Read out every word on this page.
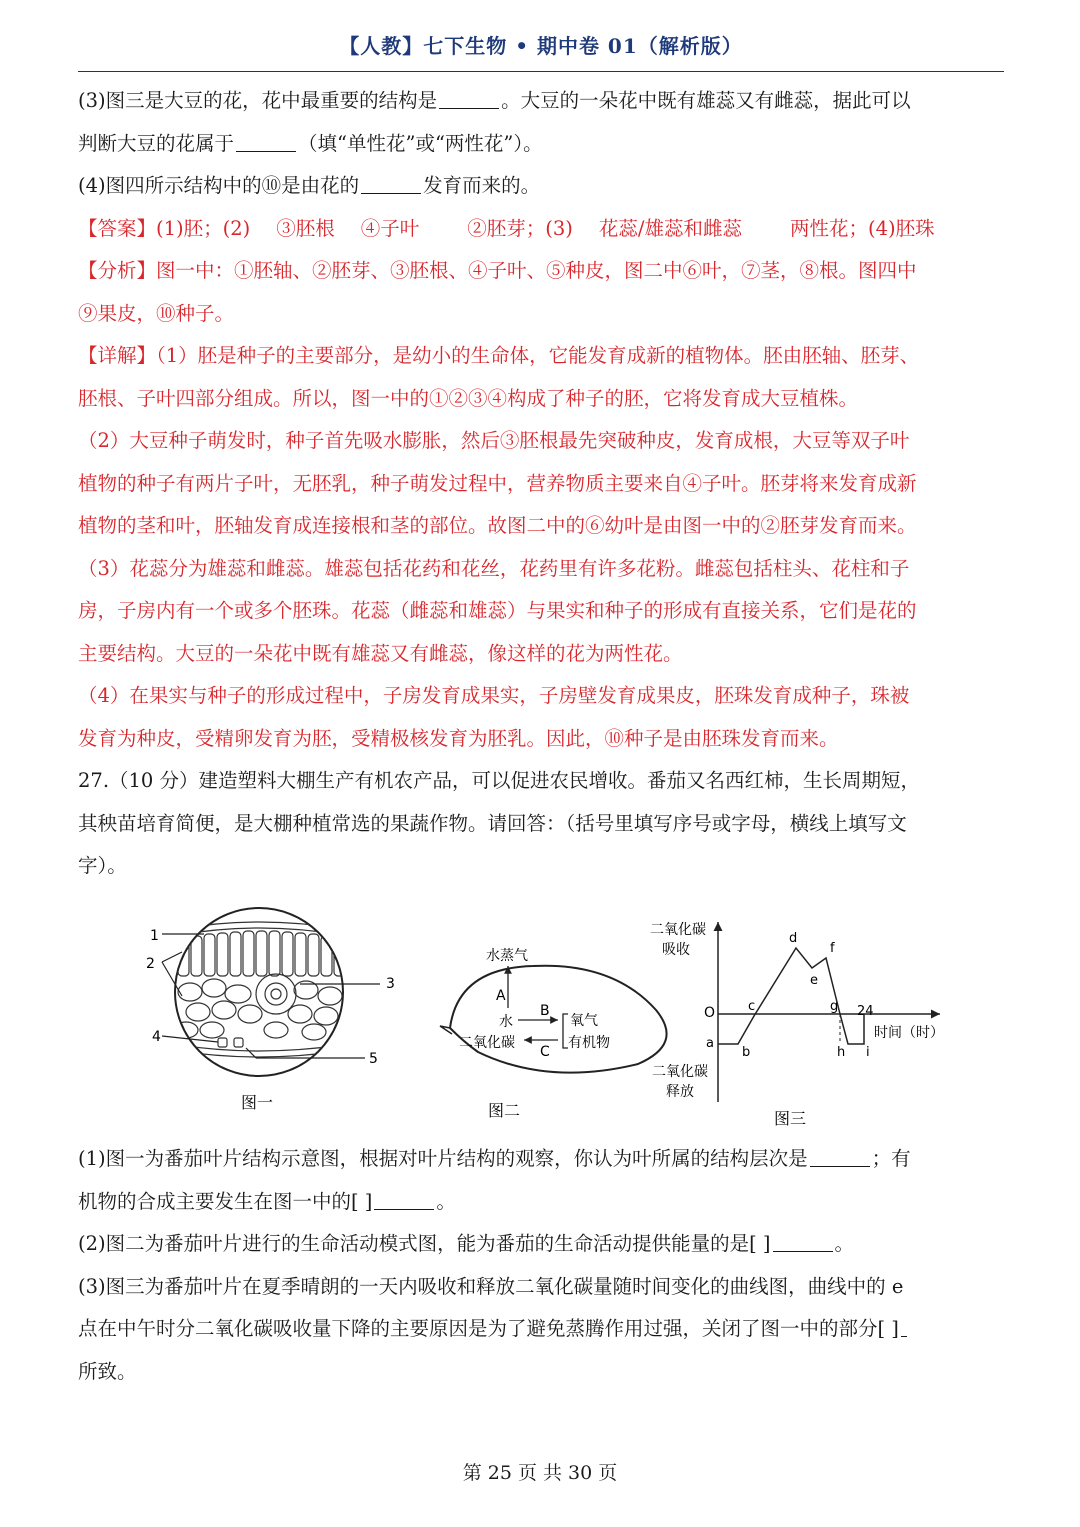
【人教】七下生物 • 期中卷 01（解析版）

(3)图三是大豆的花，花中最重要的结构是	。大豆的一朵花中既有雄蕊又有雌蕊，据此可以

判断大豆的花属于	（填“单性花”或“两性花”）。

(4)图四所示结构中的⑩是由花的	发育而来的。

【答案】(1)胚；(2) ③胚根 ④子叶 ②胚芽；(3) 花蕊/雄蕊和雌蕊 两性花；(4)胚珠

【分析】图一中：①胚轴、②胚芽、③胚根、④子叶、⑤种皮，图二中⑥叶，⑦茎，⑧根。图四中

⑨果皮，⑩种子。

【详解】（1）胚是种子的主要部分，是幼小的生命体，它能发育成新的植物体。胚由胚轴、胚芽、

胚根、子叶四部分组成。所以，图一中的①②③④构成了种子的胚，它将发育成大豆植株。

（2）大豆种子萌发时，种子首先吸水膨胀，然后③胚根最先突破种皮，发育成根，大豆等双子叶

植物的种子有两片子叶，无胚乳，种子萌发过程中，营养物质主要来自④子叶。胚芽将来发育成新

植物的茎和叶，胚轴发育成连接根和茎的部位。故图二中的⑥幼叶是由图一中的②胚芽发育而来。

（3）花蕊分为雄蕊和雌蕊。雄蕊包括花药和花丝，花药里有许多花粉。雌蕊包括柱头、花柱和子

房，子房内有一个或多个胚珠。花蕊（雌蕊和雄蕊）与果实和种子的形成有直接关系，它们是花的

主要结构。大豆的一朵花中既有雄蕊又有雌蕊，像这样的花为两性花。

（4）在果实与种子的形成过程中，子房发育成果实，子房壁发育成果皮，胚珠发育成种子，珠被

发育为种皮，受精卵发育为胚，受精极核发育为胚乳。因此，⑩种子是由胚珠发育而来。

27.（10 分）建造塑料大棚生产有机农产品，可以促进农民增收。番茄又名西红柿，生长周期短，

其秧苗培育简便，是大棚种植常选的果蔬作物。请回答：（括号里填写序号或字母，横线上填写文

字）。

1
2
3
4
5
图一
水蒸气
A
水
二氧化碳
B
C
氧气
有机物
图二
二氧化碳
吸收
二氧化碳
释放
O	24
时间（时）
a
b
c
d
e
f
g
h i
图三

(1)图一为番茄叶片结构示意图，根据对叶片结构的观察，你认为叶所属的结构层次是	；有

机物的合成主要发生在图一中的[ ]	。

(2)图二为番茄叶片进行的生命活动模式图，能为番茄的生命活动提供能量的是[ ]	。

(3)图三为番茄叶片在夏季晴朗的一天内吸收和释放二氧化碳量随时间变化的曲线图，曲线中的 e

点在中午时分二氧化碳吸收量下降的主要原因是为了避免蒸腾作用过强，关闭了图一中的部分[ ]

所致。

第 25 页 共 30 页
